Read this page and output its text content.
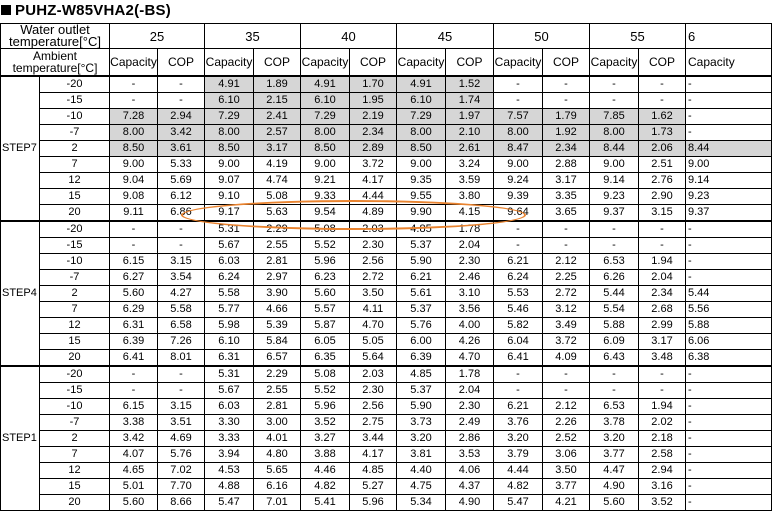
PUHZ-W85VHA2(-BS)
Water outlet
temperature[°C]		25		35		40		45		50		55		6
Ambient
temperature[°C]		Capacity	COP	Capacity	COP	Capacity	COP	Capacity	COP	Capacity	COP	Capacity	COP	Capacity
STEP7	-20	-	-	4.91	1.89	4.91	1.70	4.91	1.52	-	-	-	-	-
	-15	-	-	6.10	2.15	6.10	1.95	6.10	1.74	-	-	-	-	-
	-10	7.28	2.94	7.29	2.41	7.29	2.19	7.29	1.97	7.57	1.79	7.85	1.62	-
	-7	8.00	3.42	8.00	2.57	8.00	2.34	8.00	2.10	8.00	1.92	8.00	1.73	-
	2	8.50	3.61	8.50	3.17	8.50	2.89	8.50	2.61	8.47	2.34	8.44	2.06	8.44
	7	9.00	5.33	9.00	4.19	9.00	3.72	9.00	3.24	9.00	2.88	9.00	2.51	9.00
	12	9.04	5.69	9.07	4.74	9.21	4.17	9.35	3.59	9.24	3.17	9.14	2.76	9.14
	15	9.08	6.12	9.10	5.08	9.33	4.44	9.55	3.80	9.39	3.35	9.23	2.90	9.23
	20	9.11	6.86	9.17	5.63	9.54	4.89	9.90	4.15	9.64	3.65	9.37	3.15	9.37
STEP4	-20	-	-	5.31	2.29	5.08	2.03	4.85	1.78	-	-	-	-	-
	-15	-	-	5.67	2.55	5.52	2.30	5.37	2.04	-	-	-	-	-
	-10	6.15	3.15	6.03	2.81	5.96	2.56	5.90	2.30	6.21	2.12	6.53	1.94	-
	-7	6.27	3.54	6.24	2.97	6.23	2.72	6.21	2.46	6.24	2.25	6.26	2.04	-
	2	5.60	4.27	5.58	3.90	5.60	3.50	5.61	3.10	5.53	2.72	5.44	2.34	5.44
	7	6.29	5.58	5.77	4.66	5.57	4.11	5.37	3.56	5.46	3.12	5.54	2.68	5.56
	12	6.31	6.58	5.98	5.39	5.87	4.70	5.76	4.00	5.82	3.49	5.88	2.99	5.88
	15	6.39	7.26	6.10	5.84	6.05	5.05	6.00	4.26	6.04	3.72	6.09	3.17	6.06
	20	6.41	8.01	6.31	6.57	6.35	5.64	6.39	4.70	6.41	4.09	6.43	3.48	6.38
STEP1	-20	-	-	5.31	2.29	5.08	2.03	4.85	1.78	-	-	-	-	-
	-15	-	-	5.67	2.55	5.52	2.30	5.37	2.04	-	-	-	-	-
	-10	6.15	3.15	6.03	2.81	5.96	2.56	5.90	2.30	6.21	2.12	6.53	1.94	-
	-7	3.38	3.51	3.30	3.00	3.52	2.75	3.73	2.49	3.76	2.26	3.78	2.02	-
	2	3.42	4.69	3.33	4.01	3.27	3.44	3.20	2.86	3.20	2.52	3.20	2.18	-
	7	4.07	5.76	3.94	4.80	3.88	4.17	3.81	3.53	3.79	3.06	3.77	2.58	-
	12	4.65	7.02	4.53	5.65	4.46	4.85	4.40	4.06	4.44	3.50	4.47	2.94	-
	15	5.01	7.70	4.88	6.16	4.82	5.27	4.75	4.37	4.82	3.77	4.90	3.16	-
	20	5.60	8.66	5.47	7.01	5.41	5.96	5.34	4.90	5.47	4.21	5.60	3.52	-
